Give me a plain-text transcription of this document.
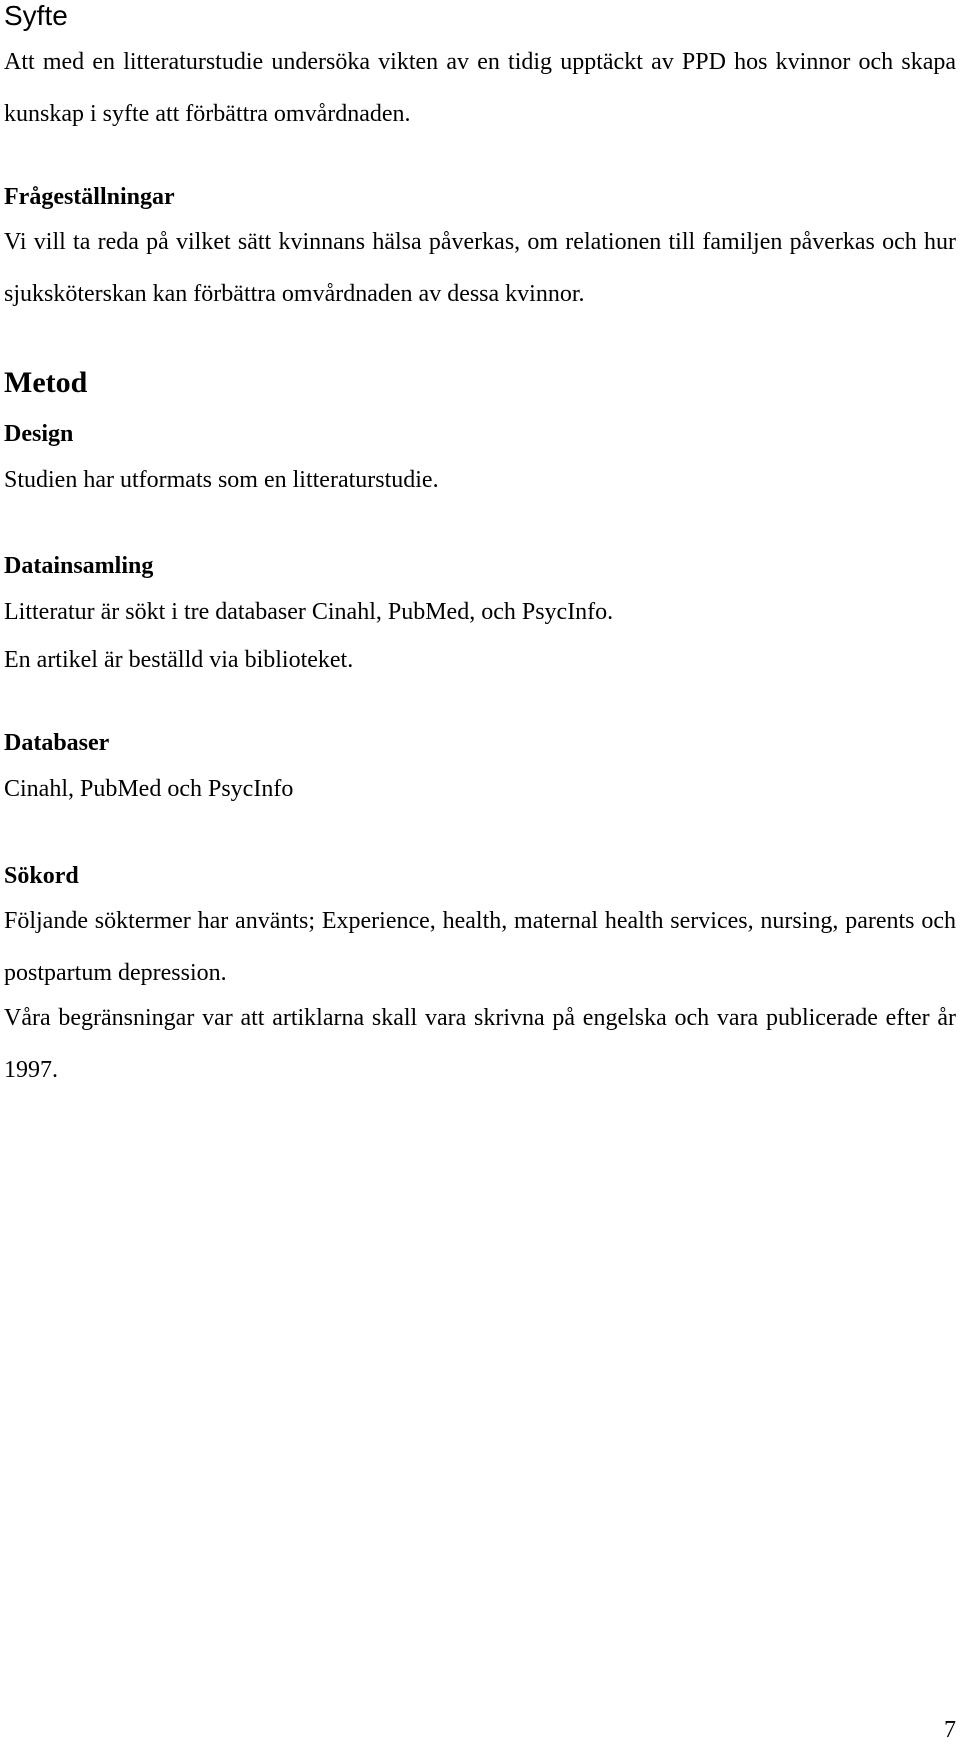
Syfte

Att med en litteraturstudie undersöka vikten av en tidig upptäckt av PPD hos kvinnor och skapa kunskap i syfte att förbättra omvårdnaden.

Frågeställningar

Vi vill ta reda på vilket sätt kvinnans hälsa påverkas, om relationen till familjen påverkas och hur sjuksköterskan kan förbättra omvårdnaden av dessa kvinnor.

Metod
Design

Studien har utformats som en litteraturstudie.

Datainsamling

Litteratur är sökt i tre databaser Cinahl, PubMed, och PsycInfo.

En artikel är beställd via biblioteket.

Databaser

Cinahl, PubMed och PsycInfo

Sökord

Följande söktermer har använts; Experience, health, maternal health services, nursing, parents och postpartum depression.

Våra begränsningar var att artiklarna skall vara skrivna på engelska och vara publicerade efter år 1997.

7
